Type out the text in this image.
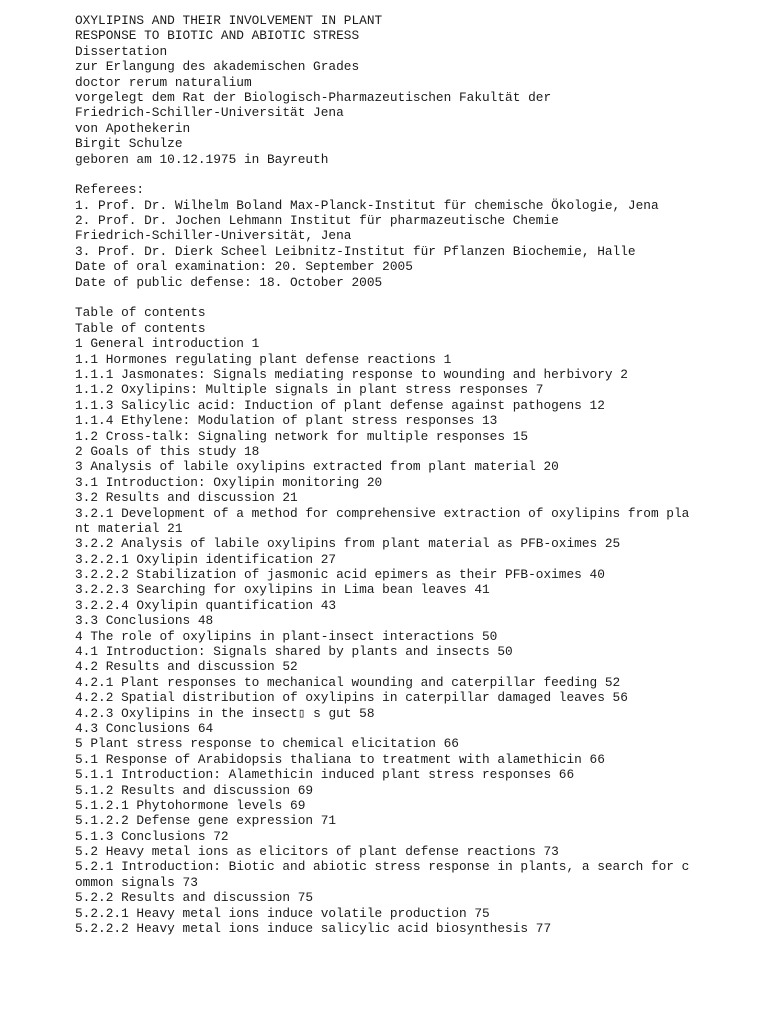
OXYLIPINS AND THEIR INVOLVEMENT IN PLANT
RESPONSE TO BIOTIC AND ABIOTIC STRESS
Dissertation
zur Erlangung des akademischen Grades
doctor rerum naturalium
vorgelegt dem Rat der Biologisch-Pharmazeutischen Fakultät der
Friedrich-Schiller-Universität Jena
von Apothekerin
Birgit Schulze
geboren am 10.12.1975 in Bayreuth
Referees:
1. Prof. Dr. Wilhelm Boland Max-Planck-Institut für chemische Ökologie, Jena
2. Prof. Dr. Jochen Lehmann Institut für pharmazeutische Chemie
Friedrich-Schiller-Universität, Jena
3. Prof. Dr. Dierk Scheel Leibnitz-Institut für Pflanzen Biochemie, Halle
Date of oral examination: 20. September 2005
Date of public defense: 18. October 2005
Table of contents
Table of contents
1 General introduction 1
1.1 Hormones regulating plant defense reactions 1
1.1.1 Jasmonates: Signals mediating response to wounding and herbivory 2
1.1.2 Oxylipins: Multiple signals in plant stress responses 7
1.1.3 Salicylic acid: Induction of plant defense against pathogens 12
1.1.4 Ethylene: Modulation of plant stress responses 13
1.2 Cross-talk: Signaling network for multiple responses 15
2 Goals of this study 18
3 Analysis of labile oxylipins extracted from plant material 20
3.1 Introduction: Oxylipin monitoring 20
3.2 Results and discussion 21
3.2.1 Development of a method for comprehensive extraction of oxylipins from pla
nt material 21
3.2.2 Analysis of labile oxylipins from plant material as PFB-oximes 25
3.2.2.1 Oxylipin identification 27
3.2.2.2 Stabilization of jasmonic acid epimers as their PFB-oximes 40
3.2.2.3 Searching for oxylipins in Lima bean leaves 41
3.2.2.4 Oxylipin quantification 43
3.3 Conclusions 48
4 The role of oxylipins in plant-insect interactions 50
4.1 Introduction: Signals shared by plants and insects 50
4.2 Results and discussion 52
4.2.1 Plant responses to mechanical wounding and caterpillar feeding 52
4.2.2 Spatial distribution of oxylipins in caterpillar damaged leaves 56
4.2.3 Oxylipins in the insect▯ s gut 58
4.3 Conclusions 64
5 Plant stress response to chemical elicitation 66
5.1 Response of Arabidopsis thaliana to treatment with alamethicin 66
5.1.1 Introduction: Alamethicin induced plant stress responses 66
5.1.2 Results and discussion 69
5.1.2.1 Phytohormone levels 69
5.1.2.2 Defense gene expression 71
5.1.3 Conclusions 72
5.2 Heavy metal ions as elicitors of plant defense reactions 73
5.2.1 Introduction: Biotic and abiotic stress response in plants, a search for c
ommon signals 73
5.2.2 Results and discussion 75
5.2.2.1 Heavy metal ions induce volatile production 75
5.2.2.2 Heavy metal ions induce salicylic acid biosynthesis 77
